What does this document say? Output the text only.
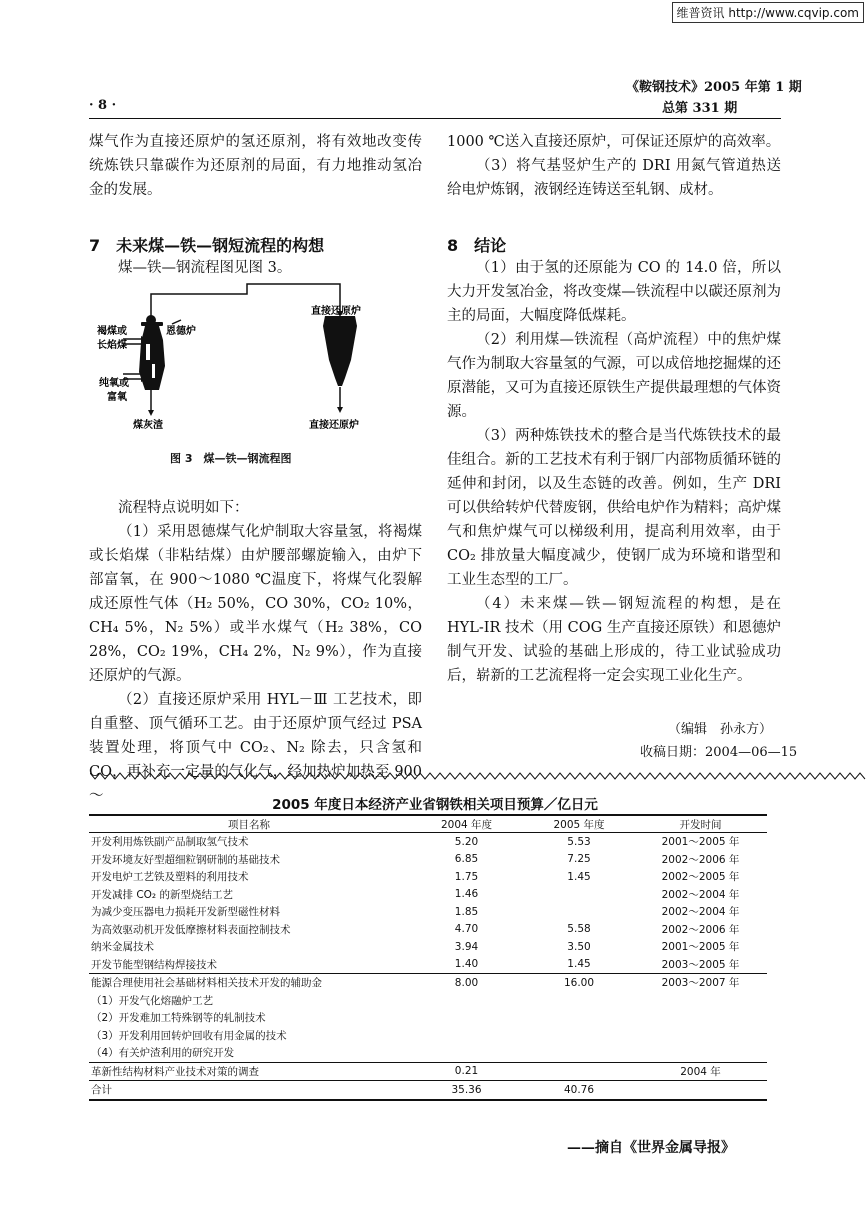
维普资讯 http://www.cqvip.com
· 8 ·
《鞍钢技术》2005 年第 1 期
总第 331 期

煤气作为直接还原炉的氢还原剂，将有效地改变传统炼铁只靠碳作为还原剂的局面，有力地推动氢冶金的发展。

7　未来煤—铁—钢短流程的构想
煤—铁—钢流程图见图 3。
褐煤或
长焰煤
恩德炉
纯氧或
富氧
煤灰渣
直接还原炉
直接还原炉
图 3　煤—铁—钢流程图

流程特点说明如下：

（1）采用恩德煤气化炉制取大容量氢，将褐煤或长焰煤（非粘结煤）由炉腰部螺旋输入，由炉下部富氧，在 900～1080 ℃温度下，将煤气化裂解成还原性气体（H₂ 50%，CO 30%，CO₂ 10%，CH₄ 5%，N₂ 5%）或半水煤气（H₂ 38%，CO 28%，CO₂ 19%，CH₄ 2%，N₂ 9%），作为直接还原炉的气源。

（2）直接还原炉采用 HYL－Ⅲ 工艺技术，即自重整、顶气循环工艺。由于还原炉顶气经过 PSA 装置处理，将顶气中 CO₂、N₂ 除去，只含氢和 CO，再补充一定量的气化气，经加热炉加热至 900～

1000 ℃送入直接还原炉，可保证还原炉的高效率。

（3）将气基竖炉生产的 DRI 用氮气管道热送给电炉炼钢，液钢经连铸送至轧钢、成材。

8　结论

（1）由于氢的还原能为 CO 的 14.0 倍，所以大力开发氢冶金，将改变煤—铁流程中以碳还原剂为主的局面，大幅度降低煤耗。

（2）利用煤—铁流程（高炉流程）中的焦炉煤气作为制取大容量氢的气源，可以成倍地挖掘煤的还原潜能，又可为直接还原铁生产提供最理想的气体资源。

（3）两种炼铁技术的整合是当代炼铁技术的最佳组合。新的工艺技术有利于钢厂内部物质循环链的延伸和封闭，以及生态链的改善。例如，生产 DRI 可以供给转炉代替废钢，供给电炉作为精料；高炉煤气和焦炉煤气可以梯级利用，提高利用效率，由于 CO₂ 排放量大幅度减少，使钢厂成为环境和谐型和工业生态型的工厂。

（4）未来煤—铁—钢短流程的构想，是在 HYL-IR 技术（用 COG 生产直接还原铁）和恩德炉制气开发、试验的基础上形成的，待工业试验成功后，崭新的工艺流程将一定会实现工业化生产。

（编辑　孙永方）
收稿日期：2004—06—15
2005 年度日本经济产业省钢铁相关项目预算／亿日元
项目名称	2004 年度	2005 年度	开发时间
开发利用炼铁副产品制取氢气技术	5.20	5.53	2001～2005 年
开发环境友好型超细粒钢研制的基础技术	6.85	7.25	2002～2006 年
开发电炉工艺铁及塑料的利用技术	1.75	1.45	2002～2005 年
开发减排 CO₂ 的新型烧结工艺	1.46		2002～2004 年
为减少变压器电力损耗开发新型磁性材料	1.85		2002～2004 年
为高效驱动机开发低摩擦材料表面控制技术	4.70	5.58	2002～2006 年
纳米金属技术	3.94	3.50	2001～2005 年
开发节能型钢结构焊接技术	1.40	1.45	2003～2005 年
能源合理使用社会基础材料相关技术开发的辅助金	8.00	16.00	2003～2007 年
（1）开发气化熔融炉工艺			
（2）开发难加工特殊钢等的轧制技术			
（3）开发利用回转炉回收有用金属的技术			
（4）有关炉渣利用的研究开发			
革新性结构材料产业技术对策的调查	0.21		2004 年
合计	35.36	40.76	
——摘自《世界金属导报》
